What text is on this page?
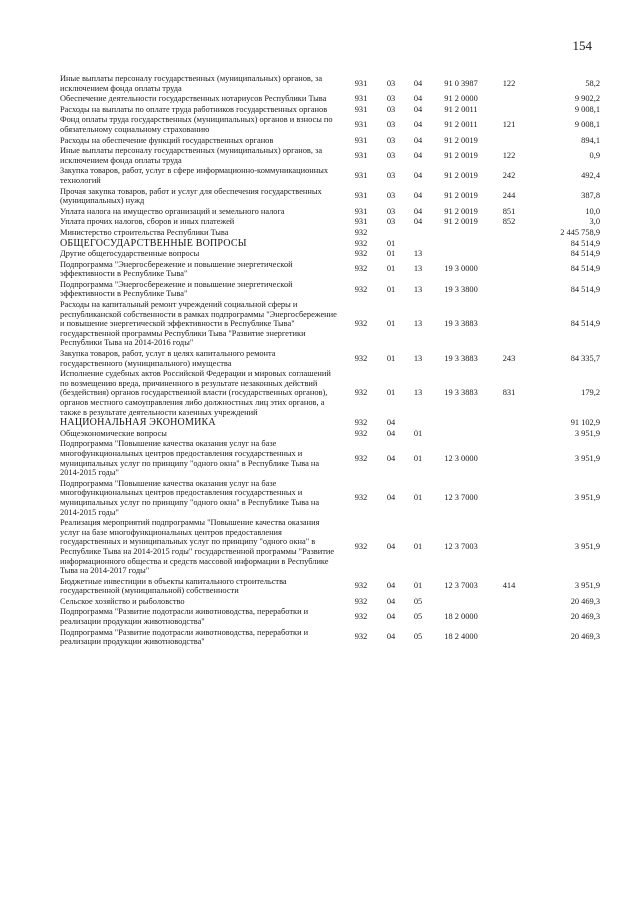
154
Иные выплаты персоналу государственных (муниципальных) органов, за исключением фонда оплаты труда
931	03	04	91 0 3987	122	58,2
Обеспечение деятельности государственных нотариусов Республики Тыва	931	03	04	91 2 0000	9 902,2
Расходы на выплаты по оплате труда работников государственных органов	931	03	04	91 2 0011	9 008,1
Фонд оплаты труда государственных (муниципальных) органов и взносы по обязательному социальному страхованию
931	03	04	91 2 0011	121	9 008,1
Расходы на обеспечение функций государственных органов	931	03	04	91 2 0019	894,1
Иные выплаты персоналу государственных (муниципальных) органов, за исключением фонда оплаты труда
931	03	04	91 2 0019	122	0,9
Закупка товаров, работ, услуг в сфере информационно-коммуникационных технологий
931	03	04	91 2 0019	242	492,4
Прочая закупка товаров, работ и услуг для обеспечения государственных (муниципальных) нужд
931	03	04	91 2 0019	244	387,8
Уплата налога на имущество организаций и земельного налога	931	03	04	91 2 0019	851	10,0
Уплата прочих налогов, сборов и иных платежей	931	03	04	91 2 0019	852	3,0
Министерство строительства Республики Тыва	932	2 445 758,9
ОБЩЕГОСУДАРСТВЕННЫЕ ВОПРОСЫ	932	01	84 514,9
Другие общегосударственные вопросы	932	01	13	84 514,9
Подпрограмма "Энергосбережение и повышение энергетической эффективности в Республике Тыва"
932	01	13	19 3 0000	84 514,9
Подпрограмма "Энергосбережение и повышение энергетической эффективности в Республике Тыва"
932	01	13	19 3 3800	84 514,9
Расходы на капитальный ремонт учреждений социальной сферы и республиканской собственности в рамках подпрограммы "Энергосбережение и повышение энергетической эффективности в Республике Тыва" государственной программы Республики Тыва "Развитие энергетики Республики Тыва на 2014-2016 годы"
932	01	13	19 3 3883	84 514,9
Закупка товаров, работ, услуг в целях капитального ремонта государственного (муниципального) имущества
932	01	13	19 3 3883	243	84 335,7
Исполнение судебных актов Российской Федерации и мировых соглашений по возмещению вреда, причиненного в результате незаконных действий (бездействия) органов государственной власти (государственных органов), органов местного самоуправления либо должностных лиц этих органов, а также в результате деятельности казенных учреждений
932	01	13	19 3 3883	831	179,2
НАЦИОНАЛЬНАЯ ЭКОНОМИКА	932	04	91 102,9
Общеэкономические вопросы	932	04	01	3 951,9
Подпрограмма "Повышение качества оказания услуг на базе многофункциональных центров предоставления государственных и муниципальных услуг по принципу "одного окна" в Республике Тыва на 2014-2015 годы"
932	04	01	12 3 0000	3 951,9
Подпрограмма "Повышение качества оказания услуг на базе многофункциональных центров предоставления государственных и муниципальных услуг по принципу "одного окна" в Республике Тыва на 2014-2015 годы"
932	04	01	12 3 7000	3 951,9
Реализация мероприятий подпрограммы "Повышение качества оказания услуг на базе многофункциональных центров предоставления государственных и муниципальных услуг по принципу "одного окна" в Республике Тыва на 2014-2015 годы" государственной программы "Развитие информационного общества и средств массовой информации в Республике Тыва на 2014-2017 годы"
932	04	01	12 3 7003	3 951,9
Бюджетные инвестиции в объекты капитального строительства государственной (муниципальной) собственности
932	04	01	12 3 7003	414	3 951,9
Сельское хозяйство и рыболовство	932	04	05	20 469,3
Подпрограмма "Развитие подотрасли животноводства, переработки и реализации продукции животноводства"
932	04	05	18 2 0000	20 469,3
Подпрограмма "Развитие подотрасли животноводства, переработки и реализации продукции животноводства"
932	04	05	18 2 4000	20 469,3
